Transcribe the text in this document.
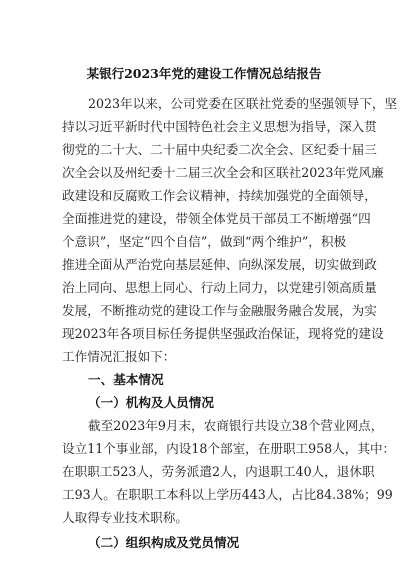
某银行2023年党的建设工作情况总结报告
2023年以来，公司党委在区联社党委的坚强领导下，坚
持以习近平新时代中国特色社会主义思想为指导，深入贯
彻党的二十大、二十届中央纪委二次全会、区纪委十届三
次全会以及州纪委十二届三次全会和区联社2023年党风廉
政建设和反腐败工作会议精神，持续加强党的全面领导，
全面推进党的建设，带领全体党员干部员工不断增强“四
个意识”，坚定“四个自信”，做到“两个维护”，积极
推进全面从严治党向基层延伸、向纵深发展，切实做到政
治上同向、思想上同心、行动上同力，以党建引领高质量
发展，不断推动党的建设工作与金融服务融合发展，为实
现2023年各项目标任务提供坚强政治保证，现将党的建设
工作情况汇报如下：
一、基本情况
（一）机构及人员情况
截至2023年9月末，农商银行共设立38个营业网点，
设立11个事业部，内设18个部室，在册职工958人，其中：
在职职工523人，劳务派遣2人，内退职工40人，退休职
工93人。在职职工本科以上学历443人，占比84.38%；99
人取得专业技术职称。
（二）组织构成及党员情况
